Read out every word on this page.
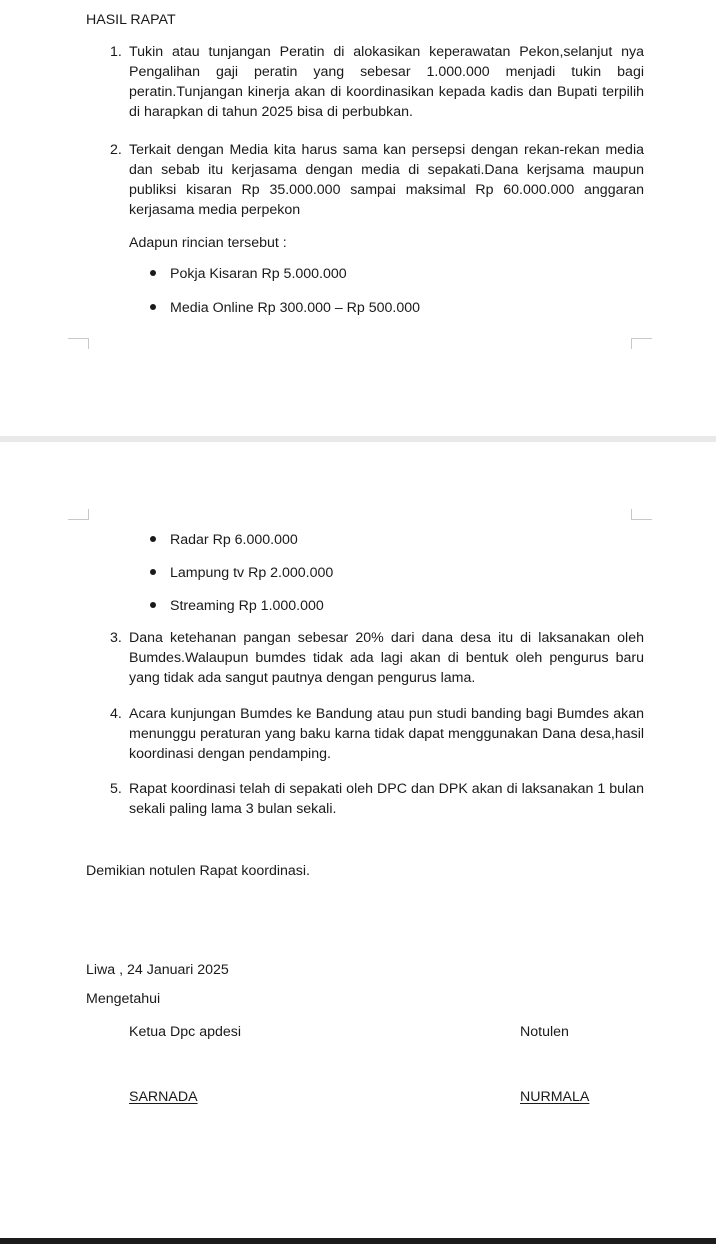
HASIL RAPAT
1. Tukin atau tunjangan Peratin di alokasikan keperawatan Pekon,selanjut nya Pengalihan gaji peratin yang sebesar 1.000.000 menjadi tukin bagi peratin.Tunjangan kinerja akan di koordinasikan kepada kadis dan Bupati terpilih di harapkan di tahun 2025 bisa di perbubkan.
2. Terkait dengan Media kita harus sama kan persepsi dengan rekan-rekan media dan sebab itu kerjasama dengan media di sepakati.Dana kerjsama maupun publiksi kisaran Rp 35.000.000 sampai maksimal Rp 60.000.000 anggaran kerjasama media perpekon
Adapun rincian tersebut :
Pokja Kisaran Rp 5.000.000
Media Online Rp 300.000 – Rp 500.000
Radar Rp 6.000.000
Lampung tv Rp 2.000.000
Streaming Rp 1.000.000
3. Dana ketehanan pangan sebesar 20% dari dana desa itu di laksanakan oleh Bumdes.Walaupun bumdes tidak ada lagi akan di bentuk oleh pengurus baru yang tidak ada sangut pautnya dengan pengurus lama.
4. Acara kunjungan Bumdes ke Bandung atau pun studi banding bagi Bumdes akan menunggu peraturan yang baku karna tidak dapat menggunakan Dana desa,hasil koordinasi dengan pendamping.
5. Rapat koordinasi telah di sepakati oleh DPC dan DPK akan di laksanakan 1 bulan sekali paling lama 3 bulan sekali.
Demikian notulen Rapat koordinasi.
Liwa , 24 Januari 2025
Mengetahui
Ketua Dpc apdesi	Notulen
SARNADA	NURMALA
